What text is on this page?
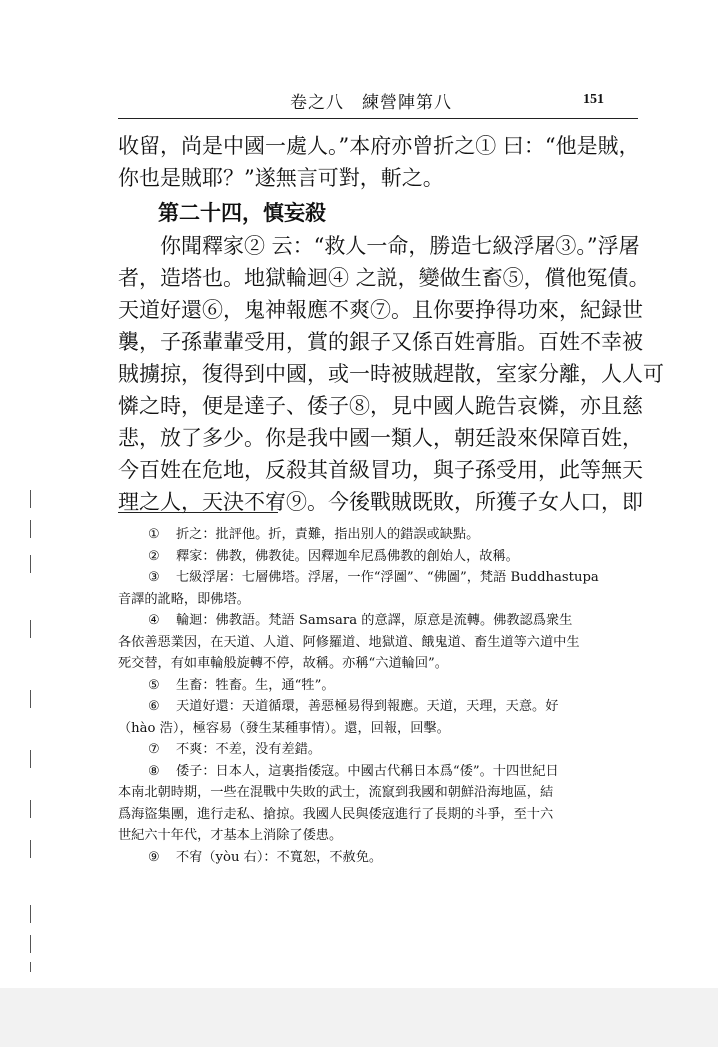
卷之八　練營陣第八	151

收留，尚是中國一處人。”本府亦曾折之① 曰：“他是賊，

你也是賊耶？”遂無言可對，斬之。

第二十四，慎妄殺

你聞釋家② 云：“救人一命，勝造七級浮屠③。”浮屠

者，造塔也。地獄輪迴④ 之説，變做生畜⑤，償他冤債。

天道好還⑥，鬼神報應不爽⑦。且你要挣得功來，紀録世

襲，子孫輩輩受用，賞的銀子又係百姓膏脂。百姓不幸被

賊擄掠，復得到中國，或一時被賊趕散，室家分離，人人可

憐之時，便是達子、倭子⑧，見中國人跪告哀憐，亦且慈

悲，放了多少。你是我中國一類人，朝廷設來保障百姓，

今百姓在危地，反殺其首級冒功，與子孫受用，此等無天

理之人，天決不宥⑨。今後戰賊既敗，所獲子女人口，即

① 折之：批評他。折，責難，指出别人的錯誤或缺點。

② 釋家：佛教，佛教徒。因釋迦牟尼爲佛教的創始人，故稱。

③ 七級浮屠：七層佛塔。浮屠，一作“浮圖”、“佛圖”，梵語 Buddhastupa

音譯的訛略，即佛塔。

④ 輪迴：佛教語。梵語 Samsara 的意譯，原意是流轉。佛教認爲衆生

各依善惡業因，在天道、人道、阿修羅道、地獄道、餓鬼道、畜生道等六道中生

死交替，有如車輪般旋轉不停，故稱。亦稱“六道輪回”。

⑤ 生畜：牲畜。生，通“牲”。

⑥ 天道好還：天道循環，善惡極易得到報應。天道，天理，天意。好

（hào 浩），極容易（發生某種事情）。還，回報，回擊。

⑦ 不爽：不差，没有差錯。

⑧ 倭子：日本人，這裏指倭寇。中國古代稱日本爲“倭”。十四世紀日

本南北朝時期，一些在混戰中失敗的武士，流竄到我國和朝鮮沿海地區，結

爲海盜集團，進行走私、搶掠。我國人民與倭寇進行了長期的斗爭，至十六

世紀六十年代，才基本上消除了倭患。

⑨ 不宥（yòu 右）：不寬恕，不赦免。
